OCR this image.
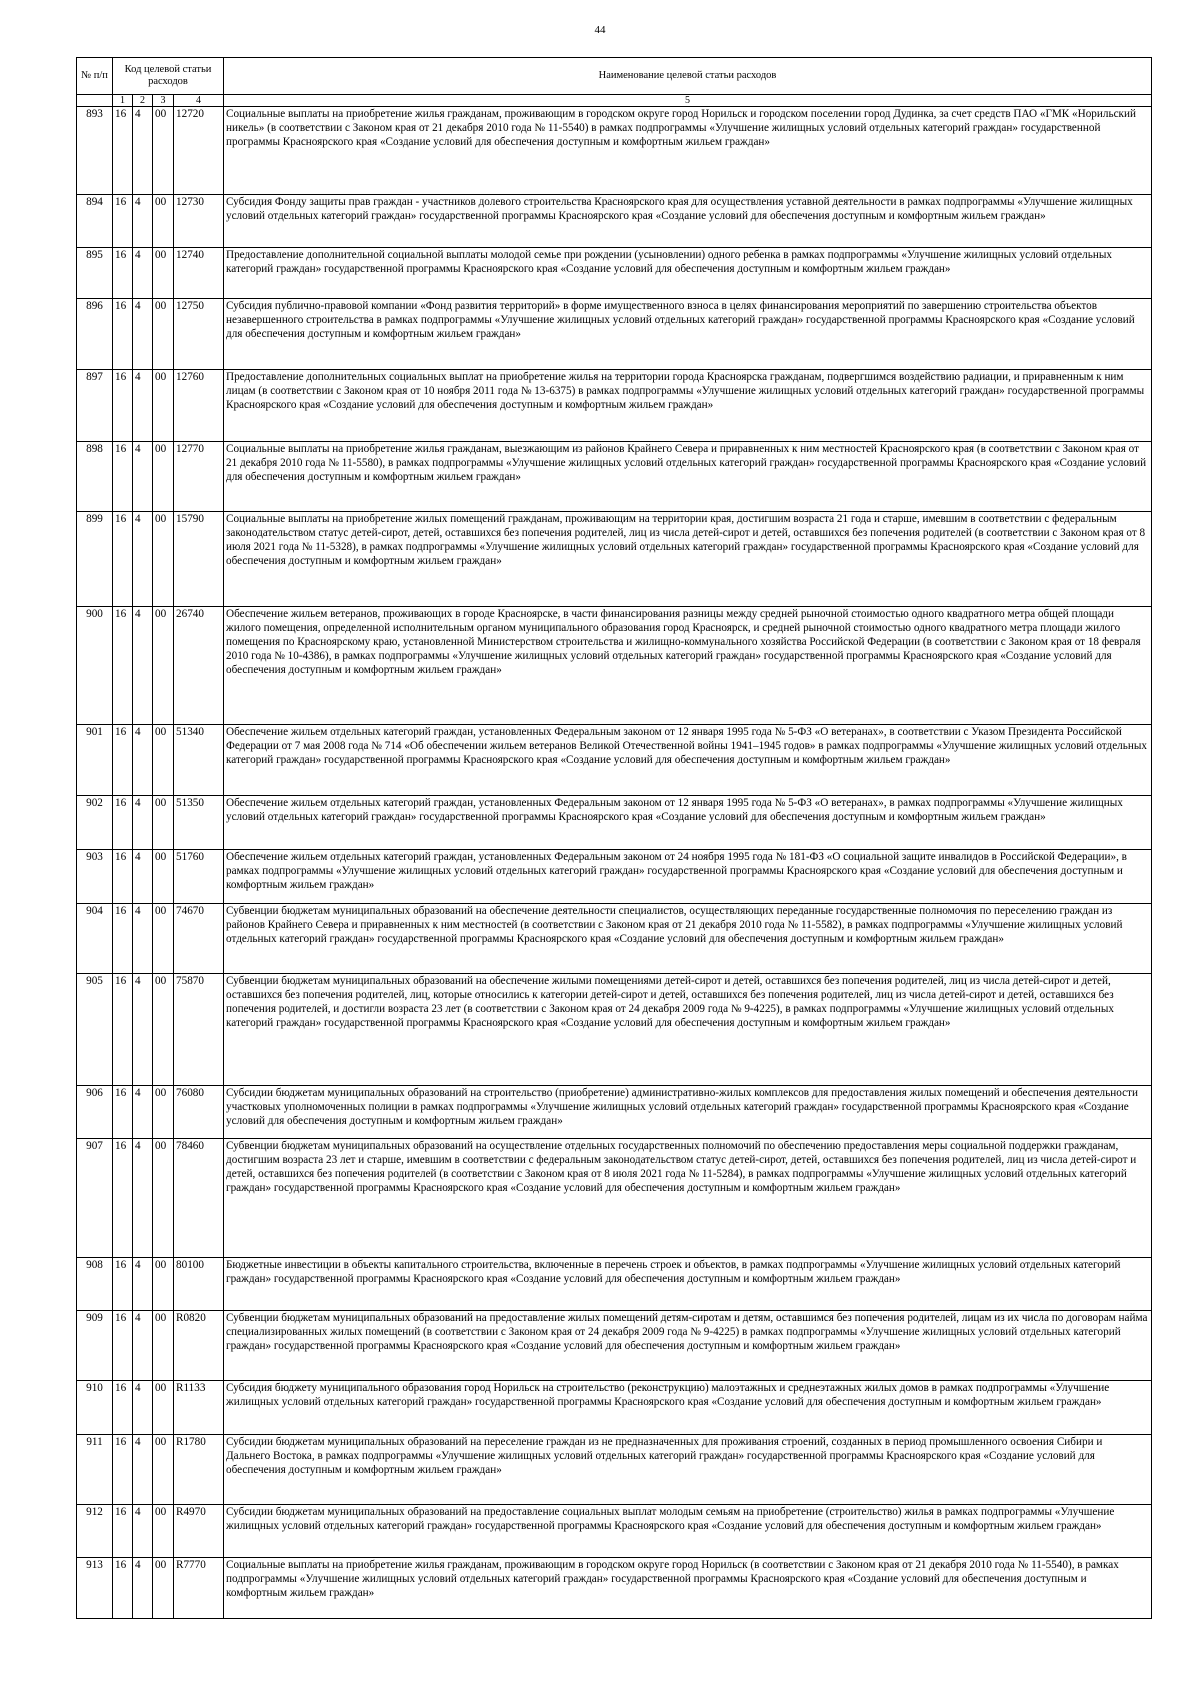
44
№ п/п	Код целевой статьи расходов				Наименование целевой статьи расходов
	1	2	3	4	5
893	16	4	00	12720	Социальные выплаты на приобретение жилья гражданам, проживающим в городском округе город Норильск и городском поселении город Дудинка, за счет средств ПАО «ГМК «Норильский никель» (в соответствии с Законом края от 21 декабря 2010 года № 11-5540) в рамках подпрограммы «Улучшение жилищных условий отдельных категорий граждан» государственной программы Красноярского края «Создание условий для обеспечения доступным и комфортным жильем граждан»
894	16	4	00	12730	Субсидия Фонду защиты прав граждан - участников долевого строительства Красноярского края для осуществления уставной деятельности в рамках подпрограммы «Улучшение жилищных условий отдельных категорий граждан» государственной программы Красноярского края «Создание условий для обеспечения доступным и комфортным жильем граждан»
895	16	4	00	12740	Предоставление дополнительной социальной выплаты молодой семье при рождении (усыновлении) одного ребенка в рамках подпрограммы «Улучшение жилищных условий отдельных категорий граждан» государственной программы Красноярского края «Создание условий для обеспечения доступным и комфортным жильем граждан»
896	16	4	00	12750	Субсидия публично-правовой компании «Фонд развития территорий» в форме имущественного взноса в целях финансирования мероприятий по завершению строительства объектов незавершенного строительства в рамках подпрограммы «Улучшение жилищных условий отдельных категорий граждан» государственной программы Красноярского края «Создание условий для обеспечения доступным и комфортным жильем граждан»
897	16	4	00	12760	Предоставление дополнительных социальных выплат на приобретение жилья на территории города Красноярска гражданам, подвергшимся воздействию радиации, и приравненным к ним лицам (в соответствии с Законом края от 10 ноября 2011 года № 13-6375) в рамках подпрограммы «Улучшение жилищных условий отдельных категорий граждан» государственной программы Красноярского края «Создание условий для обеспечения доступным и комфортным жильем граждан»
898	16	4	00	12770	Социальные выплаты на приобретение жилья гражданам, выезжающим из районов Крайнего Севера и приравненных к ним местностей Красноярского края (в соответствии с Законом края от 21 декабря 2010 года № 11-5580), в рамках подпрограммы «Улучшение жилищных условий отдельных категорий граждан» государственной программы Красноярского края «Создание условий для обеспечения доступным и комфортным жильем граждан»
899	16	4	00	15790	Социальные выплаты на приобретение жилых помещений гражданам, проживающим на территории края, достигшим возраста 21 года и старше, имевшим в соответствии с федеральным законодательством статус детей-сирот, детей, оставшихся без попечения родителей, лиц из числа детей-сирот и детей, оставшихся без попечения родителей (в соответствии с Законом края от 8 июля 2021 года № 11-5328), в рамках подпрограммы «Улучшение жилищных условий отдельных категорий граждан» государственной программы Красноярского края «Создание условий для обеспечения доступным и комфортным жильем граждан»
900	16	4	00	26740	Обеспечение жильем ветеранов, проживающих в городе Красноярске, в части финансирования разницы между средней рыночной стоимостью одного квадратного метра общей площади жилого помещения, определенной исполнительным органом муниципального образования город Красноярск, и средней рыночной стоимостью одного квадратного метра площади жилого помещения по Красноярскому краю, установленной Министерством строительства и жилищно-коммунального хозяйства Российской Федерации (в соответствии с Законом края от 18 февраля 2010 года № 10-4386), в рамках подпрограммы «Улучшение жилищных условий отдельных категорий граждан» государственной программы Красноярского края «Создание условий для обеспечения доступным и комфортным жильем граждан»
901	16	4	00	51340	Обеспечение жильем отдельных категорий граждан, установленных Федеральным законом от 12 января 1995 года № 5-ФЗ «О ветеранах», в соответствии с Указом Президента Российской Федерации от 7 мая 2008 года № 714 «Об обеспечении жильем ветеранов Великой Отечественной войны 1941–1945 годов» в рамках подпрограммы «Улучшение жилищных условий отдельных категорий граждан» государственной программы Красноярского края «Создание условий для обеспечения доступным и комфортным жильем граждан»
902	16	4	00	51350	Обеспечение жильем отдельных категорий граждан, установленных Федеральным законом от 12 января 1995 года № 5-ФЗ «О ветеранах», в рамках подпрограммы «Улучшение жилищных условий отдельных категорий граждан» государственной программы Красноярского края «Создание условий для обеспечения доступным и комфортным жильем граждан»
903	16	4	00	51760	Обеспечение жильем отдельных категорий граждан, установленных Федеральным законом от 24 ноября 1995 года № 181-ФЗ «О социальной защите инвалидов в Российской Федерации», в рамках подпрограммы «Улучшение жилищных условий отдельных категорий граждан» государственной программы Красноярского края «Создание условий для обеспечения доступным и комфортным жильем граждан»
904	16	4	00	74670	Субвенции бюджетам муниципальных образований на обеспечение деятельности специалистов, осуществляющих переданные государственные полномочия по переселению граждан из районов Крайнего Севера и приравненных к ним местностей (в соответствии с Законом края от 21 декабря 2010 года № 11-5582), в рамках подпрограммы «Улучшение жилищных условий отдельных категорий граждан» государственной программы Красноярского края «Создание условий для обеспечения доступным и комфортным жильем граждан»
905	16	4	00	75870	Субвенции бюджетам муниципальных образований на обеспечение жилыми помещениями детей-сирот и детей, оставшихся без попечения родителей, лиц из числа детей-сирот и детей, оставшихся без попечения родителей, лиц, которые относились к категории детей-сирот и детей, оставшихся без попечения родителей, лиц из числа детей-сирот и детей, оставшихся без попечения родителей, и достигли возраста 23 лет (в соответствии с Законом края от 24 декабря 2009 года № 9-4225), в рамках подпрограммы «Улучшение жилищных условий отдельных категорий граждан» государственной программы Красноярского края «Создание условий для обеспечения доступным и комфортным жильем граждан»
906	16	4	00	76080	Субсидии бюджетам муниципальных образований на строительство (приобретение) административно-жилых комплексов для предоставления жилых помещений и обеспечения деятельности участковых уполномоченных полиции в рамках подпрограммы «Улучшение жилищных условий отдельных категорий граждан» государственной программы Красноярского края «Создание условий для обеспечения доступным и комфортным жильем граждан»
907	16	4	00	78460	Субвенции бюджетам муниципальных образований на осуществление отдельных государственных полномочий по обеспечению предоставления меры социальной поддержки гражданам, достигшим возраста 23 лет и старше, имевшим в соответствии с федеральным законодательством статус детей-сирот, детей, оставшихся без попечения родителей, лиц из числа детей-сирот и детей, оставшихся без попечения родителей (в соответствии с Законом края от 8 июля 2021 года № 11-5284), в рамках подпрограммы «Улучшение жилищных условий отдельных категорий граждан» государственной программы Красноярского края «Создание условий для обеспечения доступным и комфортным жильем граждан»
908	16	4	00	80100	Бюджетные инвестиции в объекты капитального строительства, включенные в перечень строек и объектов, в рамках подпрограммы «Улучшение жилищных условий отдельных категорий граждан» государственной программы Красноярского края «Создание условий для обеспечения доступным и комфортным жильем граждан»
909	16	4	00	R0820	Субвенции бюджетам муниципальных образований на предоставление жилых помещений детям-сиротам и детям, оставшимся без попечения родителей, лицам из их числа по договорам найма специализированных жилых помещений (в соответствии с Законом края от 24 декабря 2009 года № 9-4225) в рамках подпрограммы «Улучшение жилищных условий отдельных категорий граждан» государственной программы Красноярского края «Создание условий для обеспечения доступным и комфортным жильем граждан»
910	16	4	00	R1133	Субсидия бюджету муниципального образования город Норильск на строительство (реконструкцию) малоэтажных и среднеэтажных жилых домов в рамках подпрограммы «Улучшение жилищных условий отдельных категорий граждан» государственной программы Красноярского края «Создание условий для обеспечения доступным и комфортным жильем граждан»
911	16	4	00	R1780	Субсидии бюджетам муниципальных образований на переселение граждан из не предназначенных для проживания строений, созданных в период промышленного освоения Сибири и Дальнего Востока, в рамках подпрограммы «Улучшение жилищных условий отдельных категорий граждан» государственной программы Красноярского края «Создание условий для обеспечения доступным и комфортным жильем граждан»
912	16	4	00	R4970	Субсидии бюджетам муниципальных образований на предоставление социальных выплат молодым семьям на приобретение (строительство) жилья в рамках подпрограммы «Улучшение жилищных условий отдельных категорий граждан» государственной программы Красноярского края «Создание условий для обеспечения доступным и комфортным жильем граждан»
913	16	4	00	R7770	Социальные выплаты на приобретение жилья гражданам, проживающим в городском округе город Норильск (в соответствии с Законом края от 21 декабря 2010 года № 11-5540), в рамках подпрограммы «Улучшение жилищных условий отдельных категорий граждан» государственной программы Красноярского края «Создание условий для обеспечения доступным и комфортным жильем граждан»
